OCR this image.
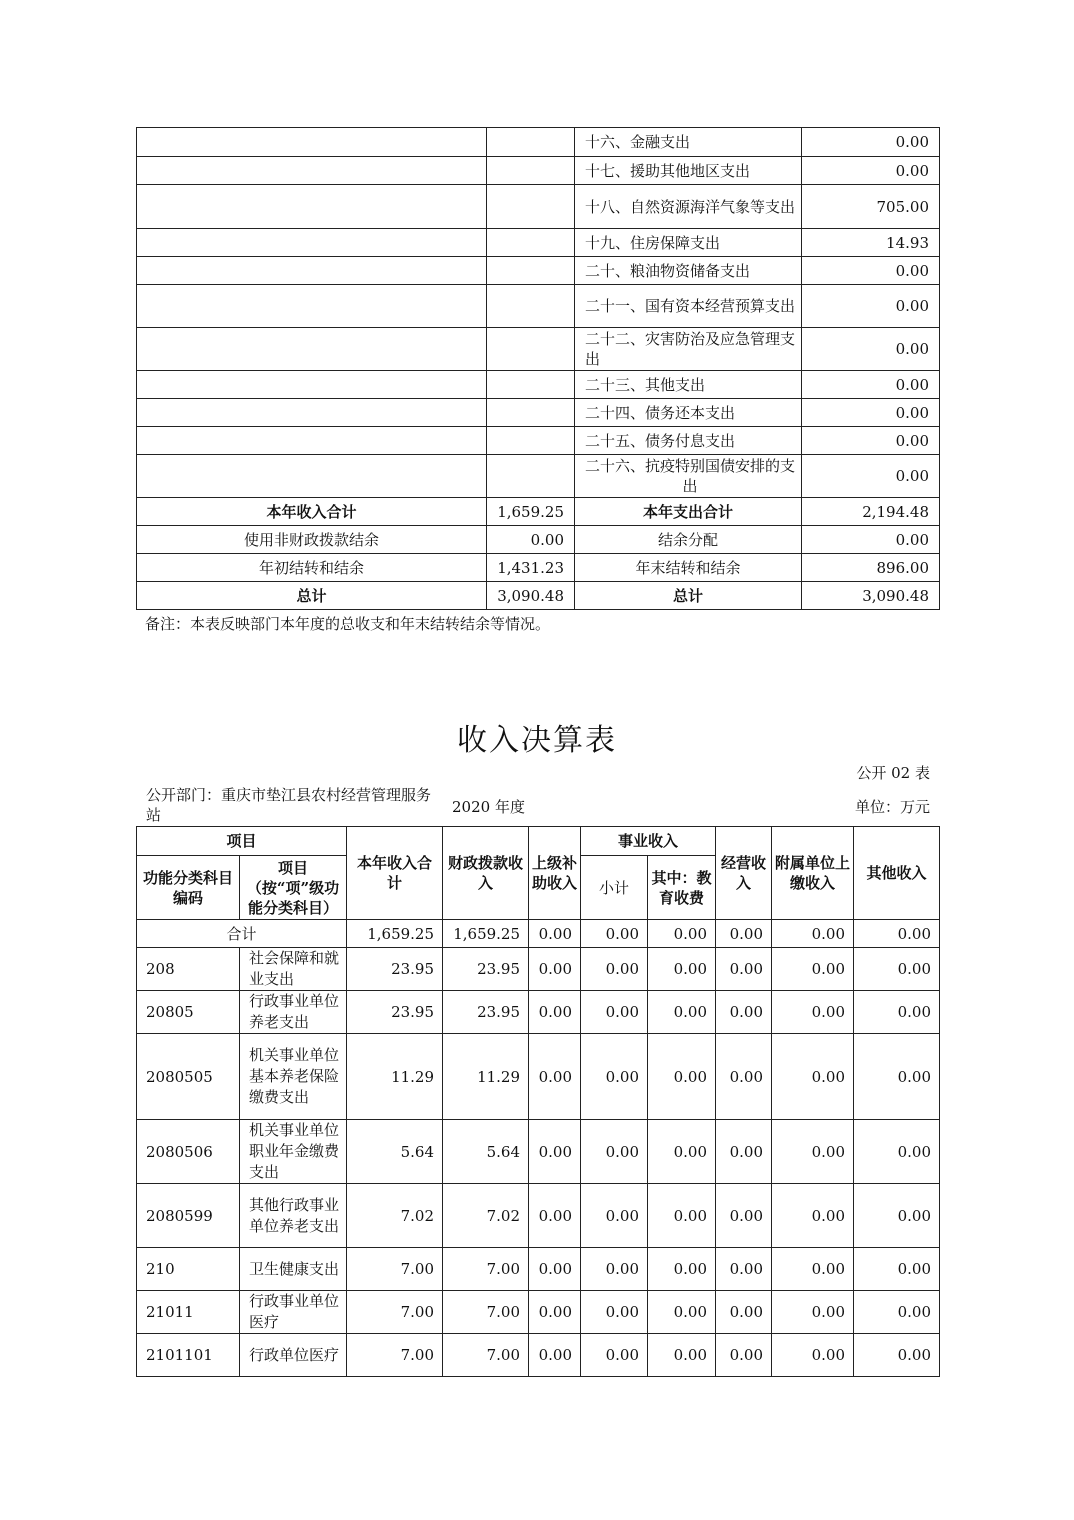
		十六、金融支出	0.00
		十七、援助其他地区支出	0.00
		十八、自然资源海洋气象等支出	705.00
		十九、住房保障支出	14.93
		二十、粮油物资储备支出	0.00
		二十一、国有资本经营预算支出	0.00
		二十二、灾害防治及应急管理支出	0.00
		二十三、其他支出	0.00
		二十四、债务还本支出	0.00
		二十五、债务付息支出	0.00
		二十六、抗疫特别国债安排的支出	0.00
本年收入合计	1,659.25	本年支出合计	2,194.48
使用非财政拨款结余	0.00	结余分配	0.00
年初结转和结余	1,431.23	年末结转和结余	896.00
总计	3,090.48	总计	3,090.48
备注：本表反映部门本年度的总收支和年末结转结余等情况。
收入决算表
公开 02 表
公开部门：重庆市垫江县农村经营管理服务站	2020 年度	单位：万元
项目		本年收入合计	财政拨款收入	上级补助收入	事业收入		经营收入	附属单位上缴收入	其他收入
功能分类科目编码	项目（按“项”级功能分类科目）				小计	其中：教育收费			
合计		1,659.25	1,659.25	0.00	0.00	0.00	0.00	0.00	0.00
208	社会保障和就业支出	23.95	23.95	0.00	0.00	0.00	0.00	0.00	0.00
20805	行政事业单位养老支出	23.95	23.95	0.00	0.00	0.00	0.00	0.00	0.00
2080505	机关事业单位基本养老保险缴费支出	11.29	11.29	0.00	0.00	0.00	0.00	0.00	0.00
2080506	机关事业单位职业年金缴费支出	5.64	5.64	0.00	0.00	0.00	0.00	0.00	0.00
2080599	其他行政事业单位养老支出	7.02	7.02	0.00	0.00	0.00	0.00	0.00	0.00
210	卫生健康支出	7.00	7.00	0.00	0.00	0.00	0.00	0.00	0.00
21011	行政事业单位医疗	7.00	7.00	0.00	0.00	0.00	0.00	0.00	0.00
2101101	行政单位医疗	7.00	7.00	0.00	0.00	0.00	0.00	0.00	0.00
